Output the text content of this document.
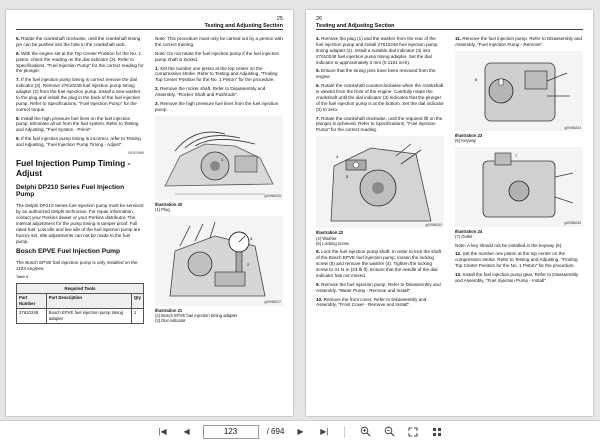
25
Testing and Adjusting Section

5. Rotate the crankshaft clockwise, until the crankshaft timing pin can be pushed into the hole in the crankshaft web.

6. With the engine set at the Top Center Position for the No. 1 piston, check the reading on the dial indicator (3). Refer to Specifications, "Fuel Injection Pump" for the correct reading for the plunger.

7. If the fuel injection pump timing is correct remove the dial indicator (3). Remove 27610248 fuel injection pump timing adapter (2) from the fuel injection pump. Install a new washer to the plug and install the plug in the back of the fuel injection pump. Refer to Specifications, "Fuel Injection Pump" for the correct torque.

8. Install the high pressure fuel lines on the fuel injection pump. Eliminate all air from the fuel system. Refer to Testing and Adjusting, "Fuel System - Prime".

9. If the fuel injection pump timing is incorrect, refer to Testing and Adjusting, "Fuel Injection Pump Timing - Adjust".

i01907665

Fuel Injection Pump Timing - Adjust
Delphi DP210 Series Fuel Injection Pump

The Delphi DP210 Series fuel injection pump must be serviced by an authorized Delphi technician. For repair information, contact your Perkins dealer or your Perkins distributor. The internal adjustment for the pump timing is tamper proof. Full rated fuel: Low idle and low idle of the fuel injection pump are factory set. Idle adjustments can not be made to the fuel pump.

Bosch EPVE Fuel Injection Pump

The Bosch EPVE fuel injection pump is only installed on the 1104 engines.

Table 8

Required Tools		
Part Number	Part Description	Qty
27610248	Bosch EPVE fuel injection pump timing adapter	1

Note: This procedure must only be carried out by a person with the correct training.

Note: Do not rotate the fuel injection pump if the fuel injection pump shaft is locked.

1. Set the number one piston at the top center on the compression stroke. Refer to Testing and Adjusting, "Finding Top Center Position for the No. 1 Piston" for the procedure.

2. Remove the rocker shaft. Refer to Disassembly and Assembly, "Rocker Shaft and Pushrods".

3. Remove the high pressure fuel lines from the fuel injection pump.

1
g00986228

Illustration 20
(1) Plug

3
2
g00986227

Illustration 21
(2) Bosch EPVE fuel injection timing adapter
(3) Dial indicator

26
Testing and Adjusting Section

4. Remove the plug (1) and the washer from the rear of the fuel injection pump and install 27610248 fuel injection pump timing adapter (2). Install a suitable dial indicator (3) into 27610248 fuel injection pump timing adapter. Set the dial indicator to approximately 3 mm (0.1181 inch).

5. Ensure that the timing pins have been removed from the engine.

6. Rotate the crankshaft counterclockwise when the crankshaft is viewed from the front of the engine. Carefully rotate the crankshaft until the dial indicator (3) indicates that the plunger of the fuel injection pump is at the bottom. Set the dial indicator (3) to zero.

7. Rotate the crankshaft clockwise, until the required lift on the plunger is achieved. Refer to Specifications, "Fuel Injection Pump" for the correct reading.

4
5
g00986240

Illustration 22
(4) Washer
(5) Locking screw

8. Lock the fuel injection pump shaft. In order to lock the shaft of the Bosch EPVE fuel injection pump, loosen the locking screw (5) and remove the washer (4). Tighten the locking screw to 31 N·m (23 lb ft). Ensure that the needle of the dial indicator has not moved.

9. Remove the fuel injection pump. Refer to Disassembly and Assembly, "Water Pump - Remove and Install".

10. Remove the front cover. Refer to Disassembly and Assembly, "Front Cover - Remove and Install".

11. Remove the fuel injection pump. Refer to Disassembly and Assembly, "Fuel Injection Pump - Remove".

6
g00986244

Illustration 23
(6) Keyway

7
g00986245

Illustration 24
(7) Outlet

Note: A key should not be installed in the keyway (6).

12. Set the number one piston at the top center on the compression stroke. Refer to Testing and Adjusting, "Finding Top Center Position for the No. 1 Piston" for the procedure.

13. Install the fuel injection pump gear. Refer to Disassembly and Assembly, "Fuel Injection Pump - Install".

|◀	◀	123	/ 694	▶	▶|
